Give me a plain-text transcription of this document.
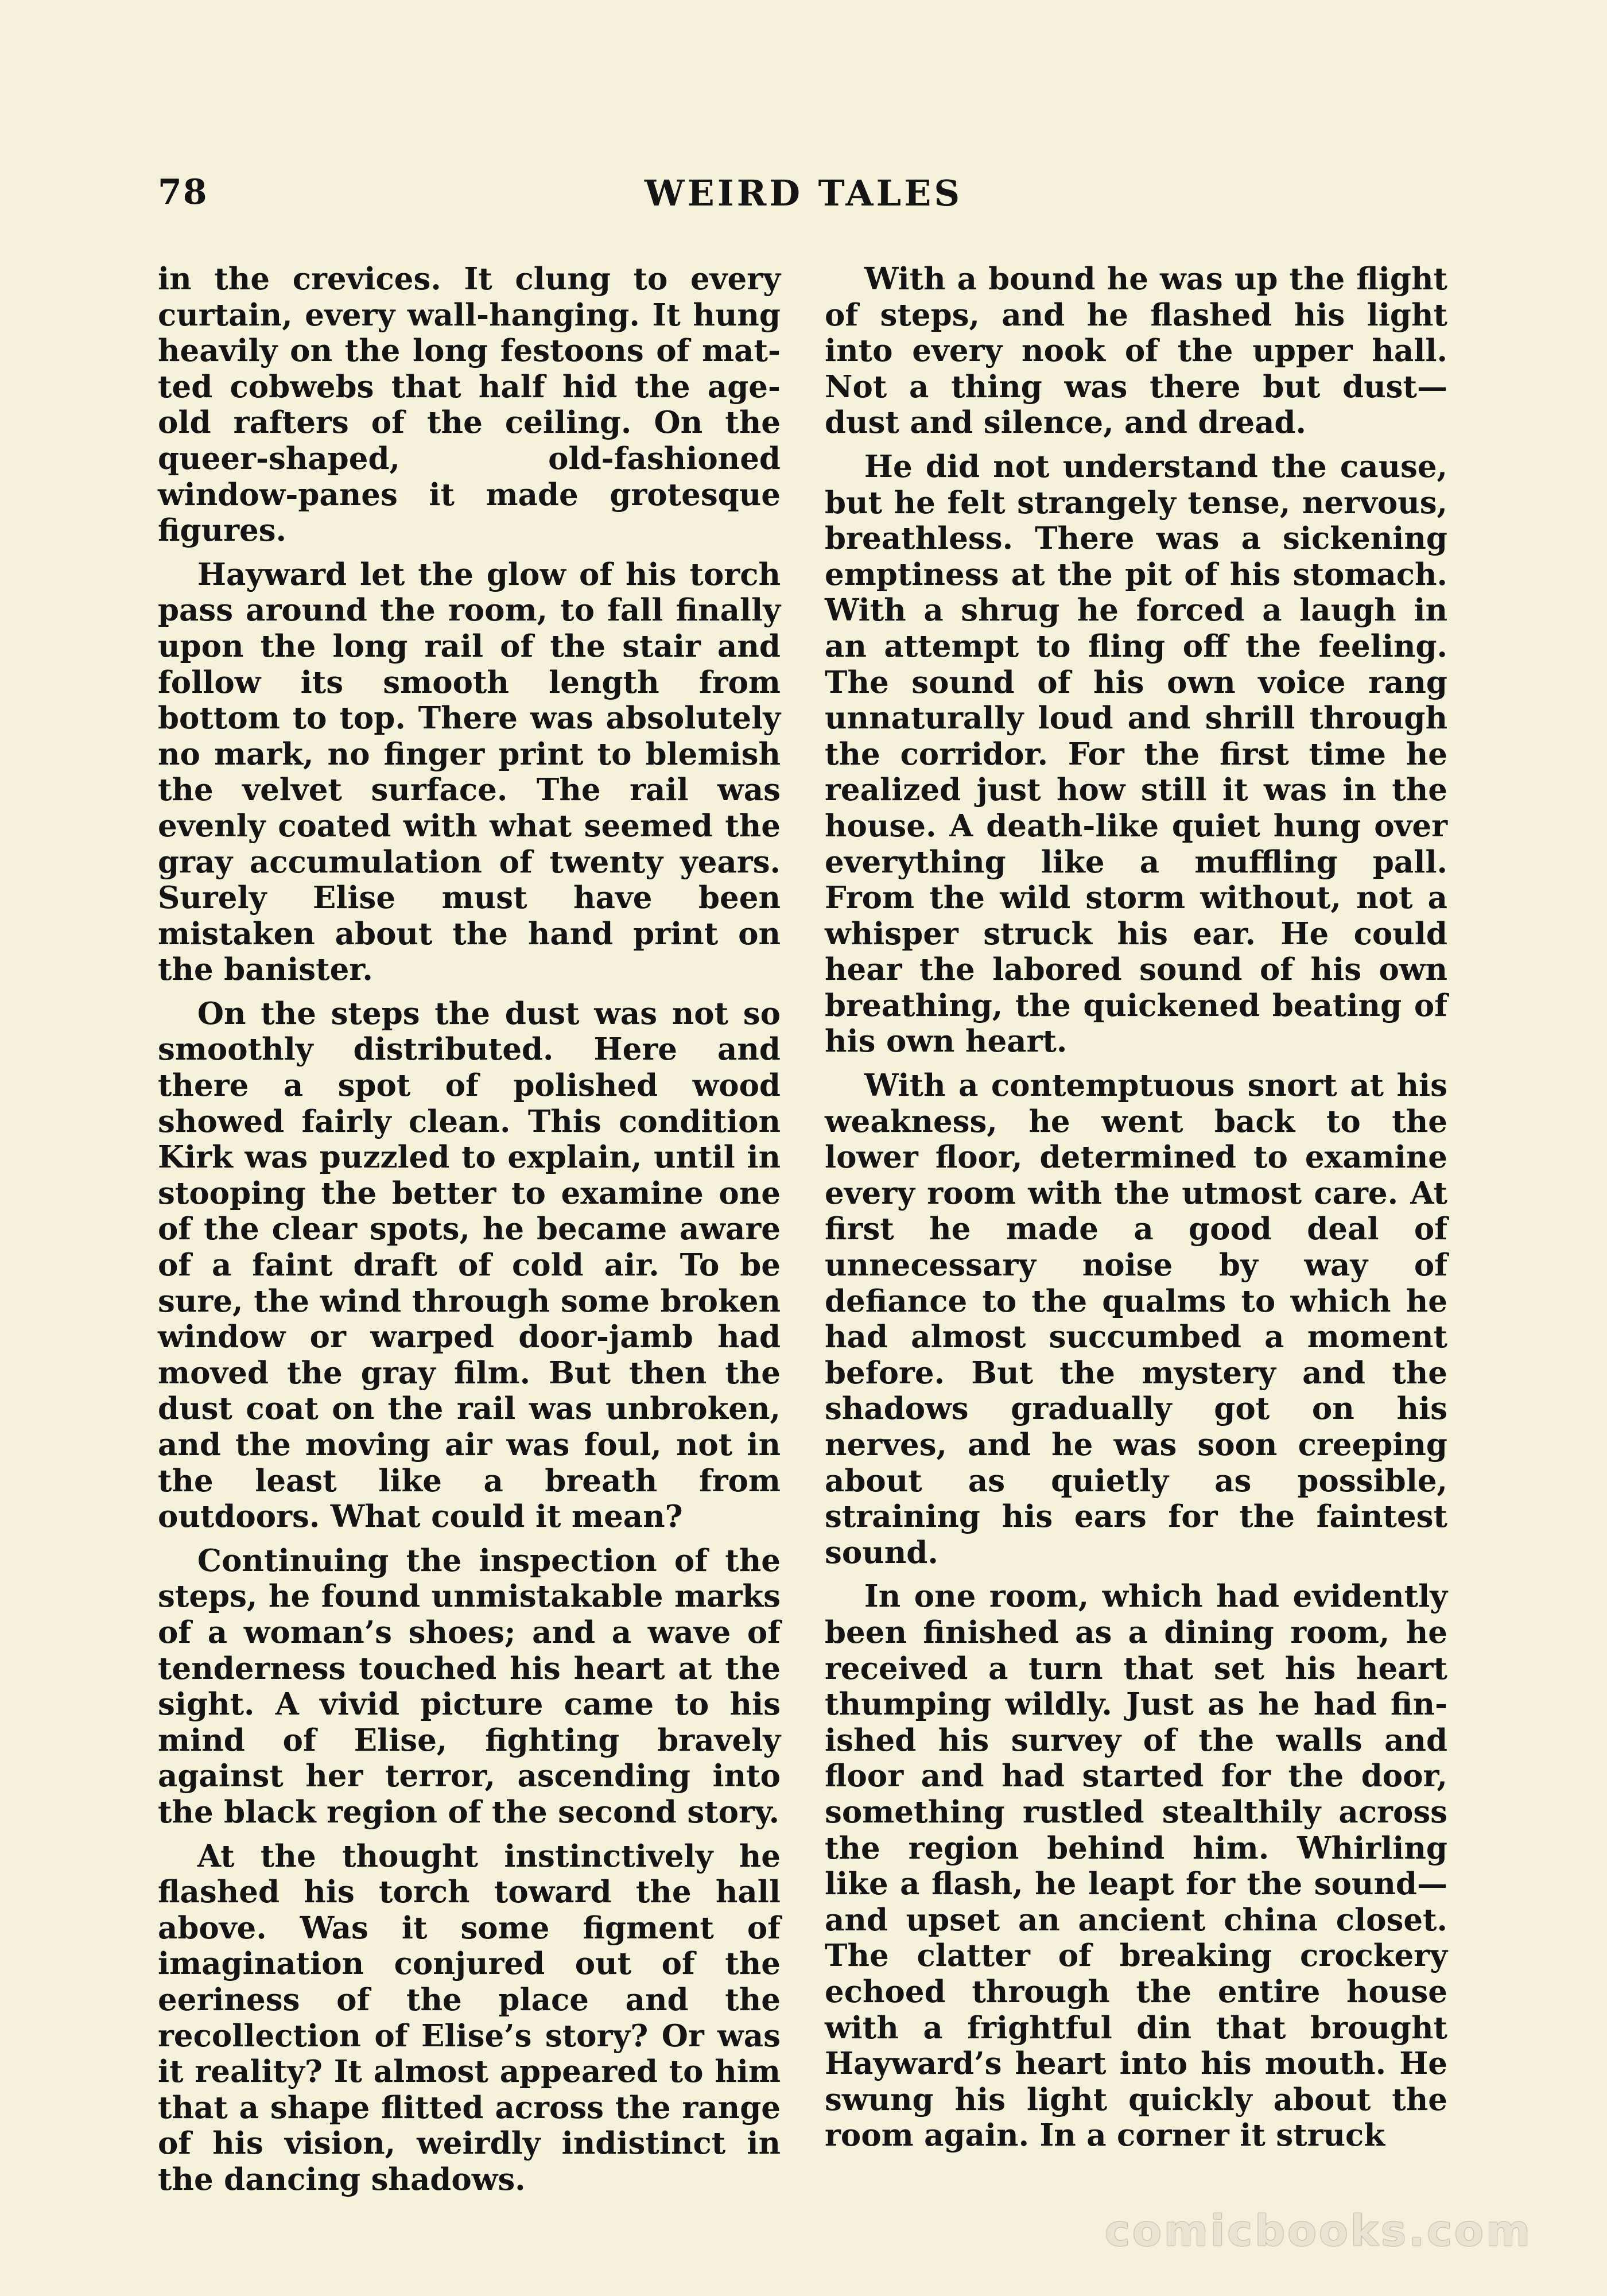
78	WEIRD TALES

in the crevices. It clung to every curtain, every wall-hanging. It hung heavily on the long festoons of matted cobwebs that half hid the age-old rafters of the ceiling. On the queer-shaped, old-fashioned window-panes it made grotesque figures.

Hayward let the glow of his torch pass around the room, to fall finally upon the long rail of the stair and follow its smooth length from bottom to top. There was absolutely no mark, no finger print to blemish the velvet surface. The rail was evenly coated with what seemed the gray accumulation of twenty years. Surely Elise must have been mistaken about the hand print on the banister.

On the steps the dust was not so smoothly distributed. Here and there a spot of polished wood showed fairly clean. This condition Kirk was puzzled to explain, until in stooping the better to examine one of the clear spots, he became aware of a faint draft of cold air. To be sure, the wind through some broken window or warped door-jamb had moved the gray film. But then the dust coat on the rail was unbroken, and the moving air was foul, not in the least like a breath from outdoors. What could it mean?

Continuing the inspection of the steps, he found unmistakable marks of a woman’s shoes; and a wave of tenderness touched his heart at the sight. A vivid picture came to his mind of Elise, fighting bravely against her terror, ascending into the black region of the second story.

At the thought instinctively he flashed his torch toward the hall above. Was it some figment of imagination conjured out of the eeriness of the place and the recollection of Elise’s story? Or was it reality? It almost appeared to him that a shape flitted across the range of his vision, weirdly indistinct in the dancing shadows.

With a bound he was up the flight of steps, and he flashed his light into every nook of the upper hall. Not a thing was there but dust—dust and silence, and dread.

He did not understand the cause, but he felt strangely tense, nervous, breathless. There was a sickening emptiness at the pit of his stomach. With a shrug he forced a laugh in an attempt to fling off the feeling. The sound of his own voice rang unnaturally loud and shrill through the corridor. For the first time he realized just how still it was in the house. A death-like quiet hung over everything like a muffling pall. From the wild storm without, not a whisper struck his ear. He could hear the labored sound of his own breathing, the quickened beating of his own heart.

With a contemptuous snort at his weakness, he went back to the lower floor, determined to examine every room with the utmost care. At first he made a good deal of unnecessary noise by way of defiance to the qualms to which he had almost succumbed a moment before. But the mystery and the shadows gradually got on his nerves, and he was soon creeping about as quietly as possible, straining his ears for the faintest sound.

In one room, which had evidently been finished as a dining room, he received a turn that set his heart thumping wildly. Just as he had finished his survey of the walls and floor and had started for the door, something rustled stealthily across the region behind him. Whirling like a flash, he leapt for the sound—and upset an ancient china closet. The clatter of breaking crockery echoed through the entire house with a frightful din that brought Hayward’s heart into his mouth. He swung his light quickly about the room again. In a corner it struck

comicbooks.com
